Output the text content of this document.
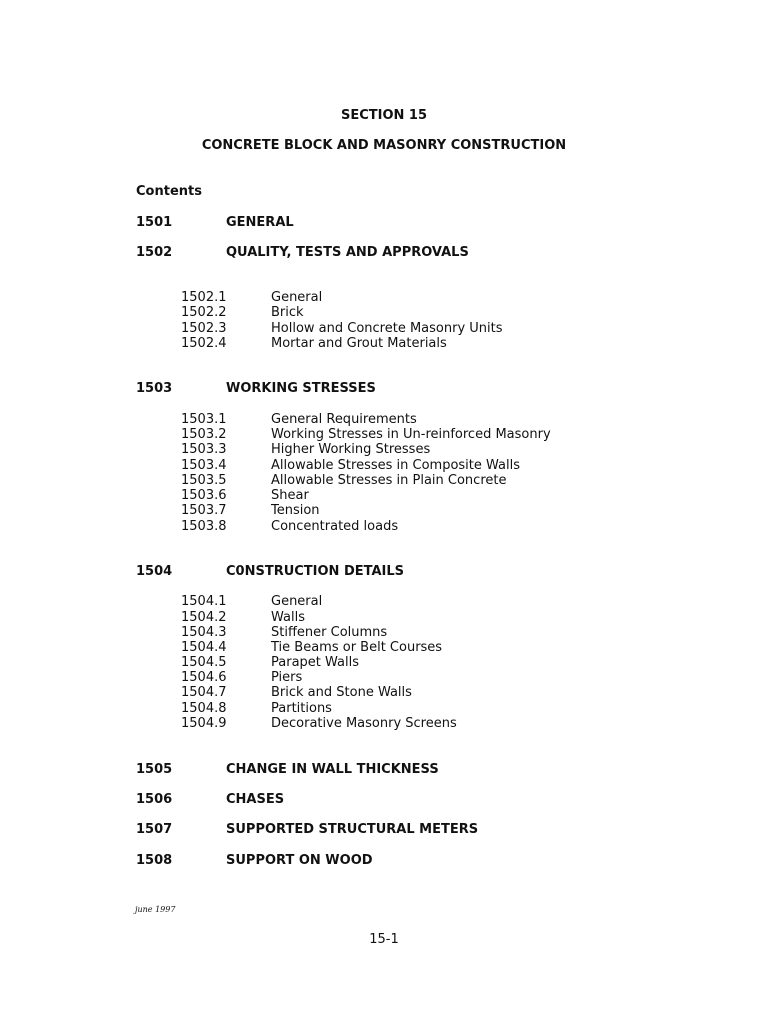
SECTION 15
CONCRETE BLOCK AND MASONRY CONSTRUCTION
Contents
1501	GENERAL
1502	QUALITY, TESTS AND APPROVALS
1502.1	General
1502.2	Brick
1502.3	Hollow and Concrete Masonry Units
1502.4	Mortar and Grout Materials
1503	WORKING STRESSES
1503.1	General Requirements
1503.2	Working Stresses in Un-reinforced Masonry
1503.3	Higher Working Stresses
1503.4	Allowable Stresses in Composite Walls
1503.5	Allowable Stresses in Plain Concrete
1503.6	Shear
1503.7	Tension
1503.8	Concentrated loads
1504	C0NSTRUCTION DETAILS
1504.1	General
1504.2	Walls
1504.3	Stiffener Columns
1504.4	Tie Beams or Belt Courses
1504.5	Parapet Walls
1504.6	Piers
1504.7	Brick and Stone Walls
1504.8	Partitions
1504.9	Decorative Masonry Screens
1505	CHANGE IN WALL THICKNESS
1506	CHASES
1507	SUPPORTED STRUCTURAL METERS
1508	SUPPORT ON WOOD
june 1997
15-1
